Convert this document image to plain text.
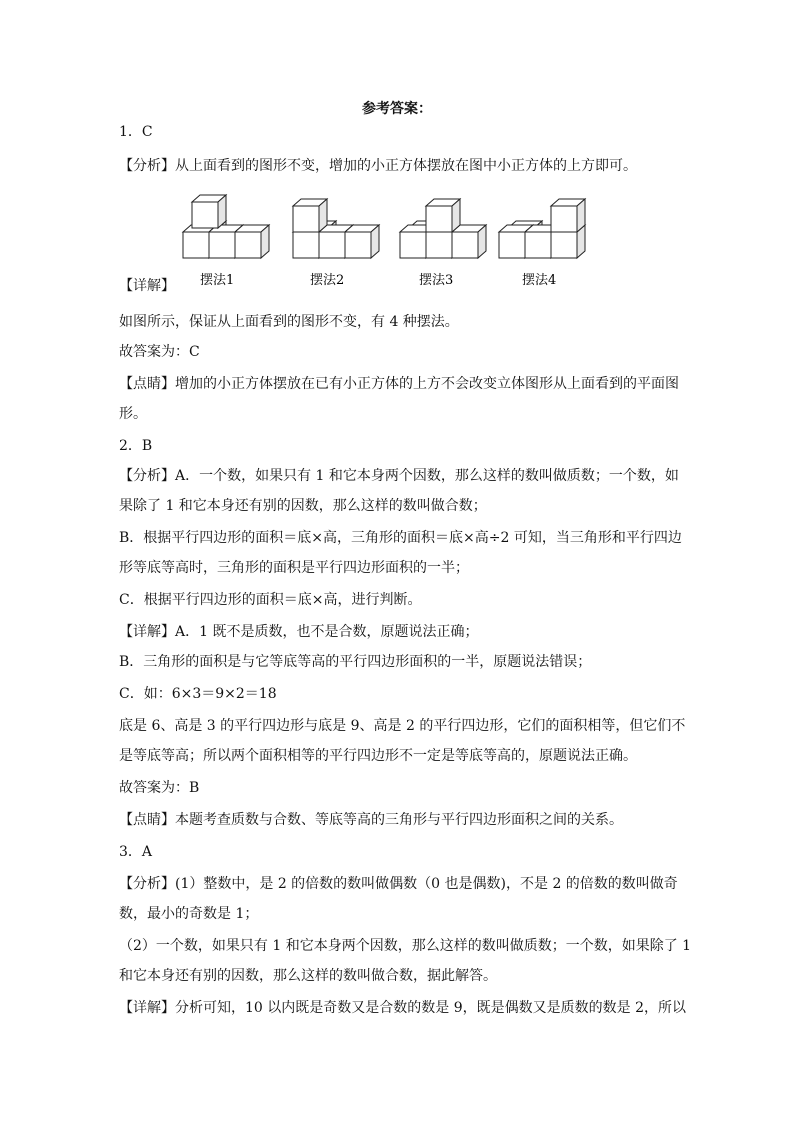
参考答案：
1．C
【分析】从上面看到的图形不变，增加的小正方体摆放在图中小正方体的上方即可。
摆法1	摆法2	摆法3	摆法4
【详解】
如图所示，保证从上面看到的图形不变，有 4 种摆法。
故答案为：C
【点睛】增加的小正方体摆放在已有小正方体的上方不会改变立体图形从上面看到的平面图
形。
2．B
【分析】A．一个数，如果只有 1 和它本身两个因数，那么这样的数叫做质数；一个数，如
果除了 1 和它本身还有别的因数，那么这样的数叫做合数；
B．根据平行四边形的面积＝底×高，三角形的面积＝底×高÷2 可知，当三角形和平行四边
形等底等高时，三角形的面积是平行四边形面积的一半；
C．根据平行四边形的面积＝底×高，进行判断。
【详解】A．1 既不是质数，也不是合数，原题说法正确；
B．三角形的面积是与它等底等高的平行四边形面积的一半，原题说法错误；
C．如：6×3＝9×2＝18
底是 6、高是 3 的平行四边形与底是 9、高是 2 的平行四边形，它们的面积相等，但它们不
是等底等高；所以两个面积相等的平行四边形不一定是等底等高的，原题说法正确。
故答案为：B
【点睛】本题考查质数与合数、等底等高的三角形与平行四边形面积之间的关系。
3．A
【分析】(1）整数中，是 2 的倍数的数叫做偶数（0 也是偶数)，不是 2 的倍数的数叫做奇
数，最小的奇数是 1；
（2）一个数，如果只有 1 和它本身两个因数，那么这样的数叫做质数；一个数，如果除了 1
和它本身还有别的因数，那么这样的数叫做合数，据此解答。
【详解】分析可知，10 以内既是奇数又是合数的数是 9，既是偶数又是质数的数是 2，所以
